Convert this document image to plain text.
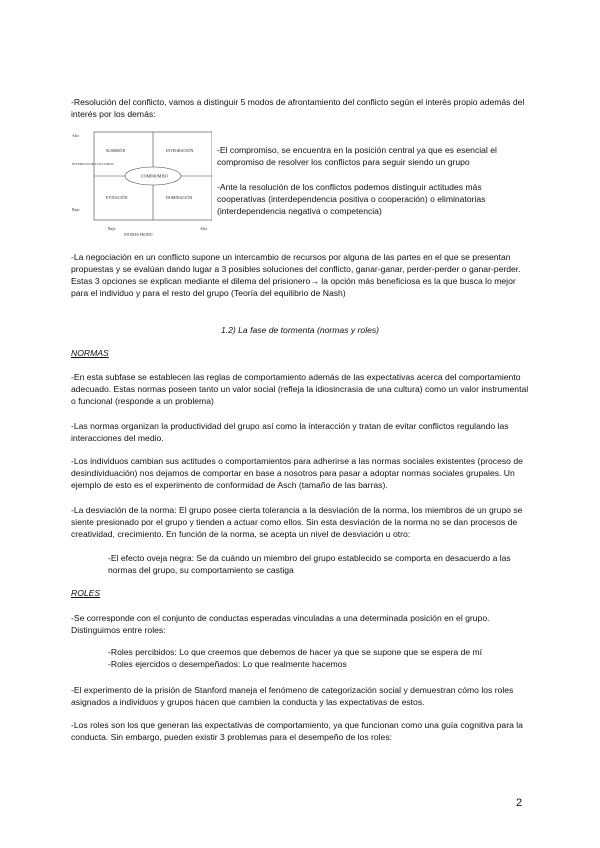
-Resolución del conflicto, vamos a distinguir 5 modos de afrontamiento del conflicto según el interés propio además del interés por los demás:

Alto
Bajo
INTERES POR LOS OTROS
Bajo	Alto
INTERES PROPIO
SUMISIÓN	INTEGRACIÓN
COMPROMISO
EVITACIÓN	DOMINACIÓN

-El compromiso, se encuentra en la posición central ya que es esencial el compromiso de resolver los conflictos para seguir siendo un grupo

-Ante la resolución de los conflictos podemos distinguir actitudes más cooperativas (interdependencia positiva o cooperación) o eliminatorias (interdependencia negativa o competencia)

-La negociación en un conflicto supone un intercambio de recursos por alguna de las partes en el que se presentan propuestas y se evalúan dando lugar a 3 posibles soluciones del conflicto, ganar-ganar, perder-perder o ganar-perder. Estas 3 opciones se explican mediante el dilema del prisionero→ la opción más beneficiosa es la que busca lo mejor para el individuo y para el resto del grupo (Teoría del equilibrio de Nash)

1.2) La fase de tormenta (normas y roles)

NORMAS

-En esta subfase se establecen las reglas de comportamiento además de las expectativas acerca del comportamiento adecuado. Estas normas poseen tanto un valor social (refleja la idiosincrasia de una cultura) como un valor instrumental o funcional (responde a un problema)

-Las normas organizan la productividad del grupo así como la interacción y tratan de evitar conflictos regulando las interacciones del medio.

-Los individuos cambian sus actitudes o comportamientos para adherirse a las normas sociales existentes (proceso de desindividuación) nos dejamos de comportar en base a nosotros para pasar a adoptar normas sociales grupales. Un ejemplo de esto es el experimento de conformidad de Asch (tamaño de las barras).

-La desviación de la norma: El grupo posee cierta tolerancia a la desviación de la norma, los miembros de un grupo se siente presionado por el grupo y tienden a actuar como ellos. Sin esta desviación de la norma no se dan procesos de creatividad, crecimiento. En función de la norma, se acepta un nivel de desviación u otro:

-El efecto oveja negra: Se da cuándo un miembro del grupo establecido se comporta en desacuerdo a las normas del grupo, su comportamiento se castiga

ROLES

-Se corresponde con el conjunto de conductas esperadas vinculadas a una determinada posición en el grupo. Distinguimos entre roles:

-Roles percibidos: Lo que creemos que debemos de hacer ya que se supone que se espera de mí

-Roles ejercidos o desempeñados: Lo que realmente hacemos

-El experimento de la prisión de Stanford maneja el fenómeno de categorización social y demuestran cómo los roles asignados a individuos y grupos hacen que cambien la conducta y las expectativas de estos.

-Los roles son los que generan las expectativas de comportamiento, ya que funcionan como una guía cognitiva para la conducta. Sin embargo, pueden existir 3 problemas para el desempeño de los roles:

2
